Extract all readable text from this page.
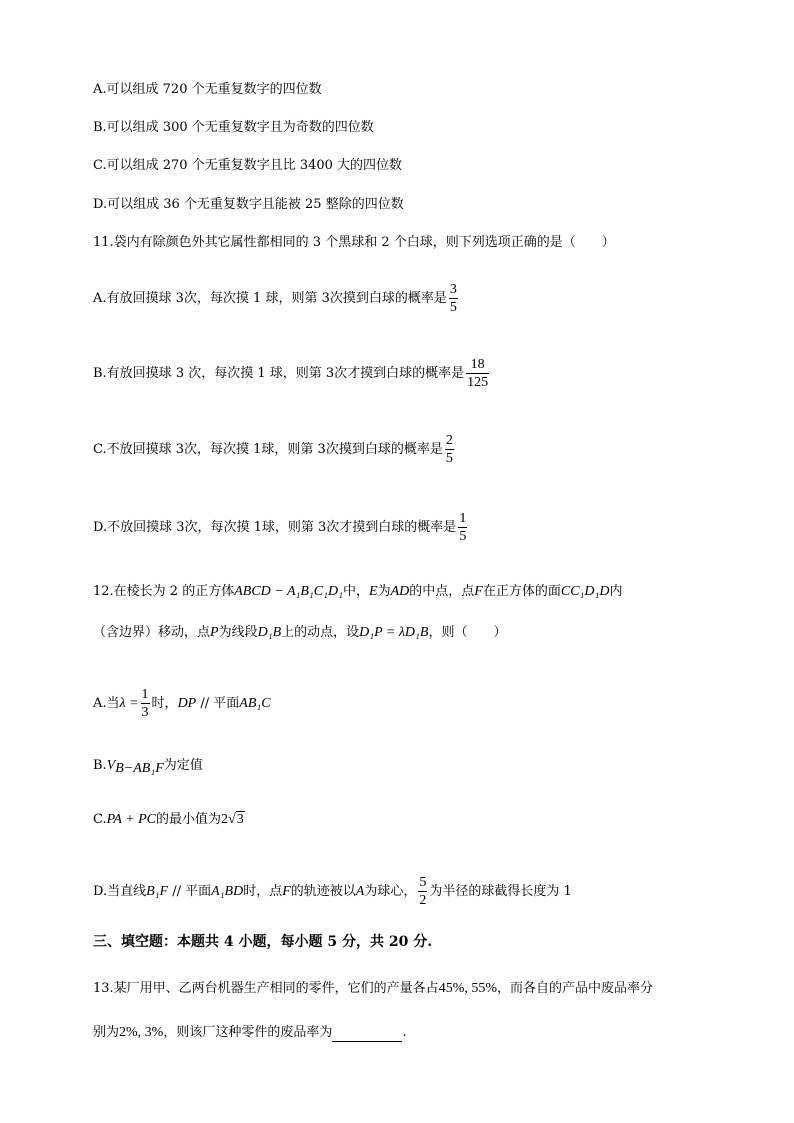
A.可以组成 720 个无重复数字的四位数
B.可以组成 300 个无重复数字且为奇数的四位数
C.可以组成 270 个无重复数字且比 3400 大的四位数
D.可以组成 36 个无重复数字且能被 25 整除的四位数
11.袋内有除颜色外其它属性都相同的 3 个黑球和 2 个白球，则下列选项正确的是（　　）
A.有放回摸球 3次，每次摸 1 球，则第 3次摸到白球的概率是 $\frac{3}{5}$
B.有放回摸球 3 次，每次摸 1 球，则第 3次才摸到白球的概率是 $\frac{18}{125}$
C.不放回摸球 3次，每次摸 1球，则第 3次摸到白球的概率是 $\frac{2}{5}$
D.不放回摸球 3次，每次摸 1球，则第 3次才摸到白球的概率是 $\frac{1}{5}$
12.在棱长为 2 的正方体ABCD − A₁B₁C₁D₁中，E为AD的中点，点F在正方体的面CC₁D₁D内
（含边界）移动，点P为线段D₁B上的动点，设D₁P = λD₁B，则（　　）
A.当$\lambda = \frac{1}{3}$ 时，DP // 平面AB₁C
$B.V_{B-AB_1F}$为定值
C.PA + PC的最小值为2√3
D.当直线B₁F // 平面A₁BD时，点F的轨迹被以A为球心， $\frac{5}{2}$ 为半径的球截得长度为 1
三、填空题：本题共 4 小题，每小题 5 分，共 20 分.
13.某厂用甲、乙两台机器生产相同的零件，它们的产量各占45%, 55%，而各自的产品中废品率分
别为2%, 3%，则该厂这种零件的废品率为	.
